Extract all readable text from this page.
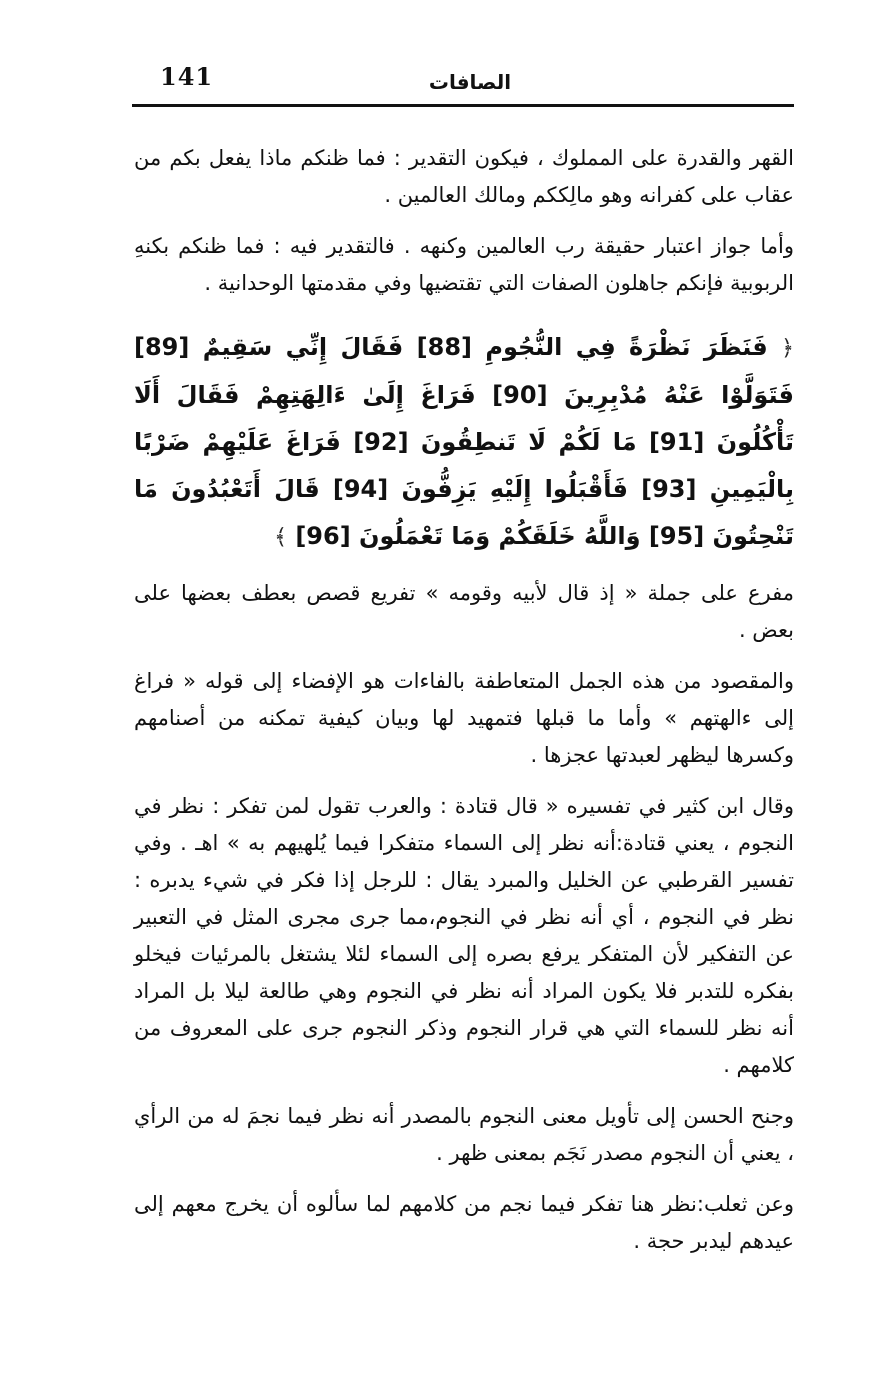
141	الصافات

القهر والقدرة على المملوك ، فيكون التقدير : فما ظنكم ماذا يفعل بكم من عقاب على كفرانه وهو مالِككم ومالك العالمين .

وأما جواز اعتبار حقيقة رب العالمين وكنهه . فالتقدير فيه : فما ظنكم بكنهِ الربوبية فإنكم جاهلون الصفات التي تقتضيها وفي مقدمتها الوحدانية .

﴿ فَنَظَرَ نَظْرَةً فِي النُّجُومِ [88] فَقَالَ إِنِّي سَقِيمٌ [89] فَتَوَلَّوْا عَنْهُ مُدْبِرِينَ [90] فَرَاغَ إِلَىٰ ءَالِهَتِهِمْ فَقَالَ أَلَا تَأْكُلُونَ [91] مَا لَكُمْ لَا تَنطِقُونَ [92] فَرَاغَ عَلَيْهِمْ ضَرْبًا بِالْيَمِينِ [93] فَأَقْبَلُوا إِلَيْهِ يَزِفُّونَ [94] قَالَ أَتَعْبُدُونَ مَا تَنْحِتُونَ [95] وَاللَّهُ خَلَقَكُمْ وَمَا تَعْمَلُونَ [96] ﴾

مفرع على جملة « إذ قال لأبيه وقومه » تفريع قصص بعطف بعضها على بعض .

والمقصود من هذه الجمل المتعاطفة بالفاءات هو الإفضاء إلى قوله « فراغ إلى ءالهتهم » وأما ما قبلها فتمهيد لها وبيان كيفية تمكنه من أصنامهم وكسرها ليظهر لعبدتها عجزها .

وقال ابن كثير في تفسيره « قال قتادة : والعرب تقول لمن تفكر : نظر في النجوم ، يعني قتادة:أنه نظر إلى السماء متفكرا فيما يُلهيهم به » اهـ . وفي تفسير القرطبي عن الخليل والمبرد يقال : للرجل إذا فكر في شيء يدبره : نظر في النجوم ، أي أنه نظر في النجوم،مما جرى مجرى المثل في التعبير عن التفكير لأن المتفكر يرفع بصره إلى السماء لئلا يشتغل بالمرئيات فيخلو بفكره للتدبر فلا يكون المراد أنه نظر في النجوم وهي طالعة ليلا بل المراد أنه نظر للسماء التي هي قرار النجوم وذكر النجوم جرى على المعروف من كلامهم .

وجنح الحسن إلى تأويل معنى النجوم بالمصدر أنه نظر فيما نجمَ له من الرأي ، يعني أن النجوم مصدر نَجَم بمعنى ظهر .

وعن ثعلب:نظر هنا تفكر فيما نجم من كلامهم لما سألوه أن يخرج معهم إلى عيدهم ليدبر حجة .
